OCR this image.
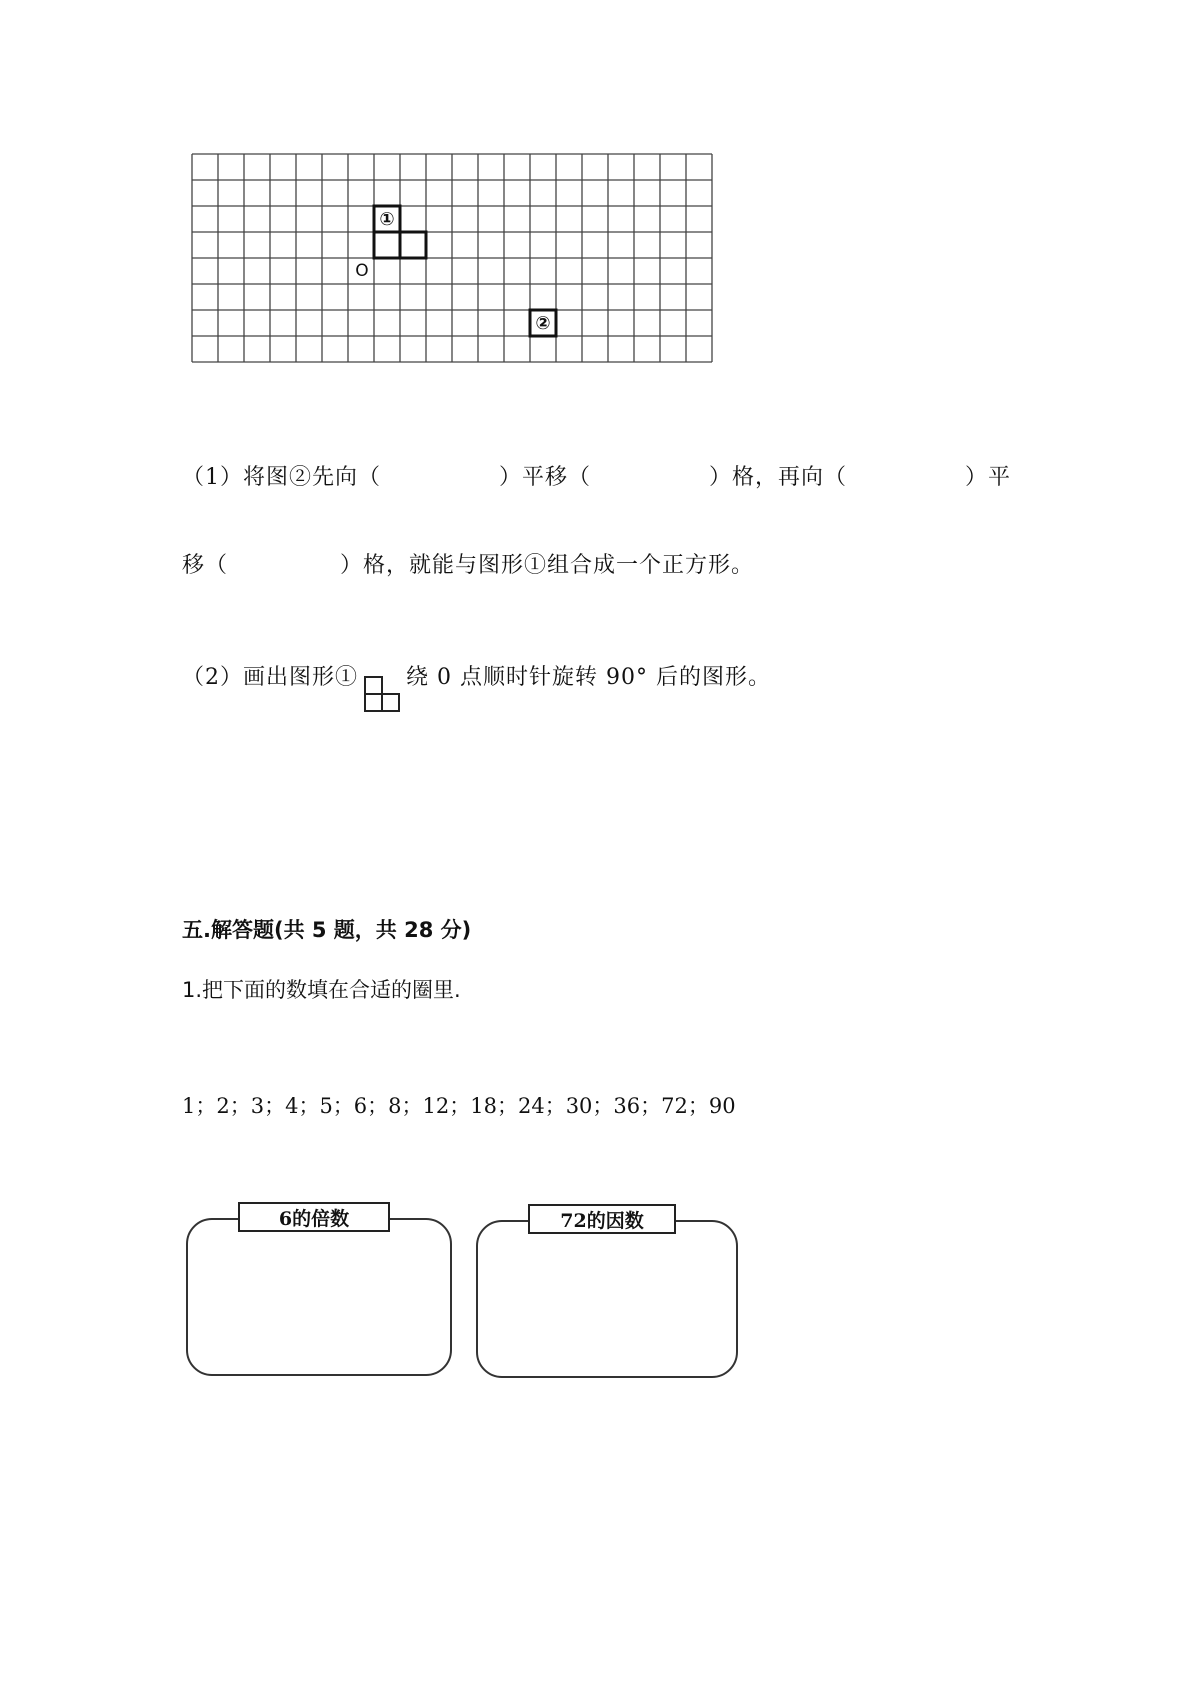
①
②
O
（1）将图②先向（	）平移（	）格，再向（	）平
移（	）格，就能与图形①组合成一个正方形。
（2）画出图形① 绕 0 点顺时针旋转 90° 后的图形。
五.解答题(共 5 题，共 28 分)
1.把下面的数填在合适的圈里.
1；2；3；4；5；6；8；12；18；24；30；36；72；90
6的倍数	72的因数
